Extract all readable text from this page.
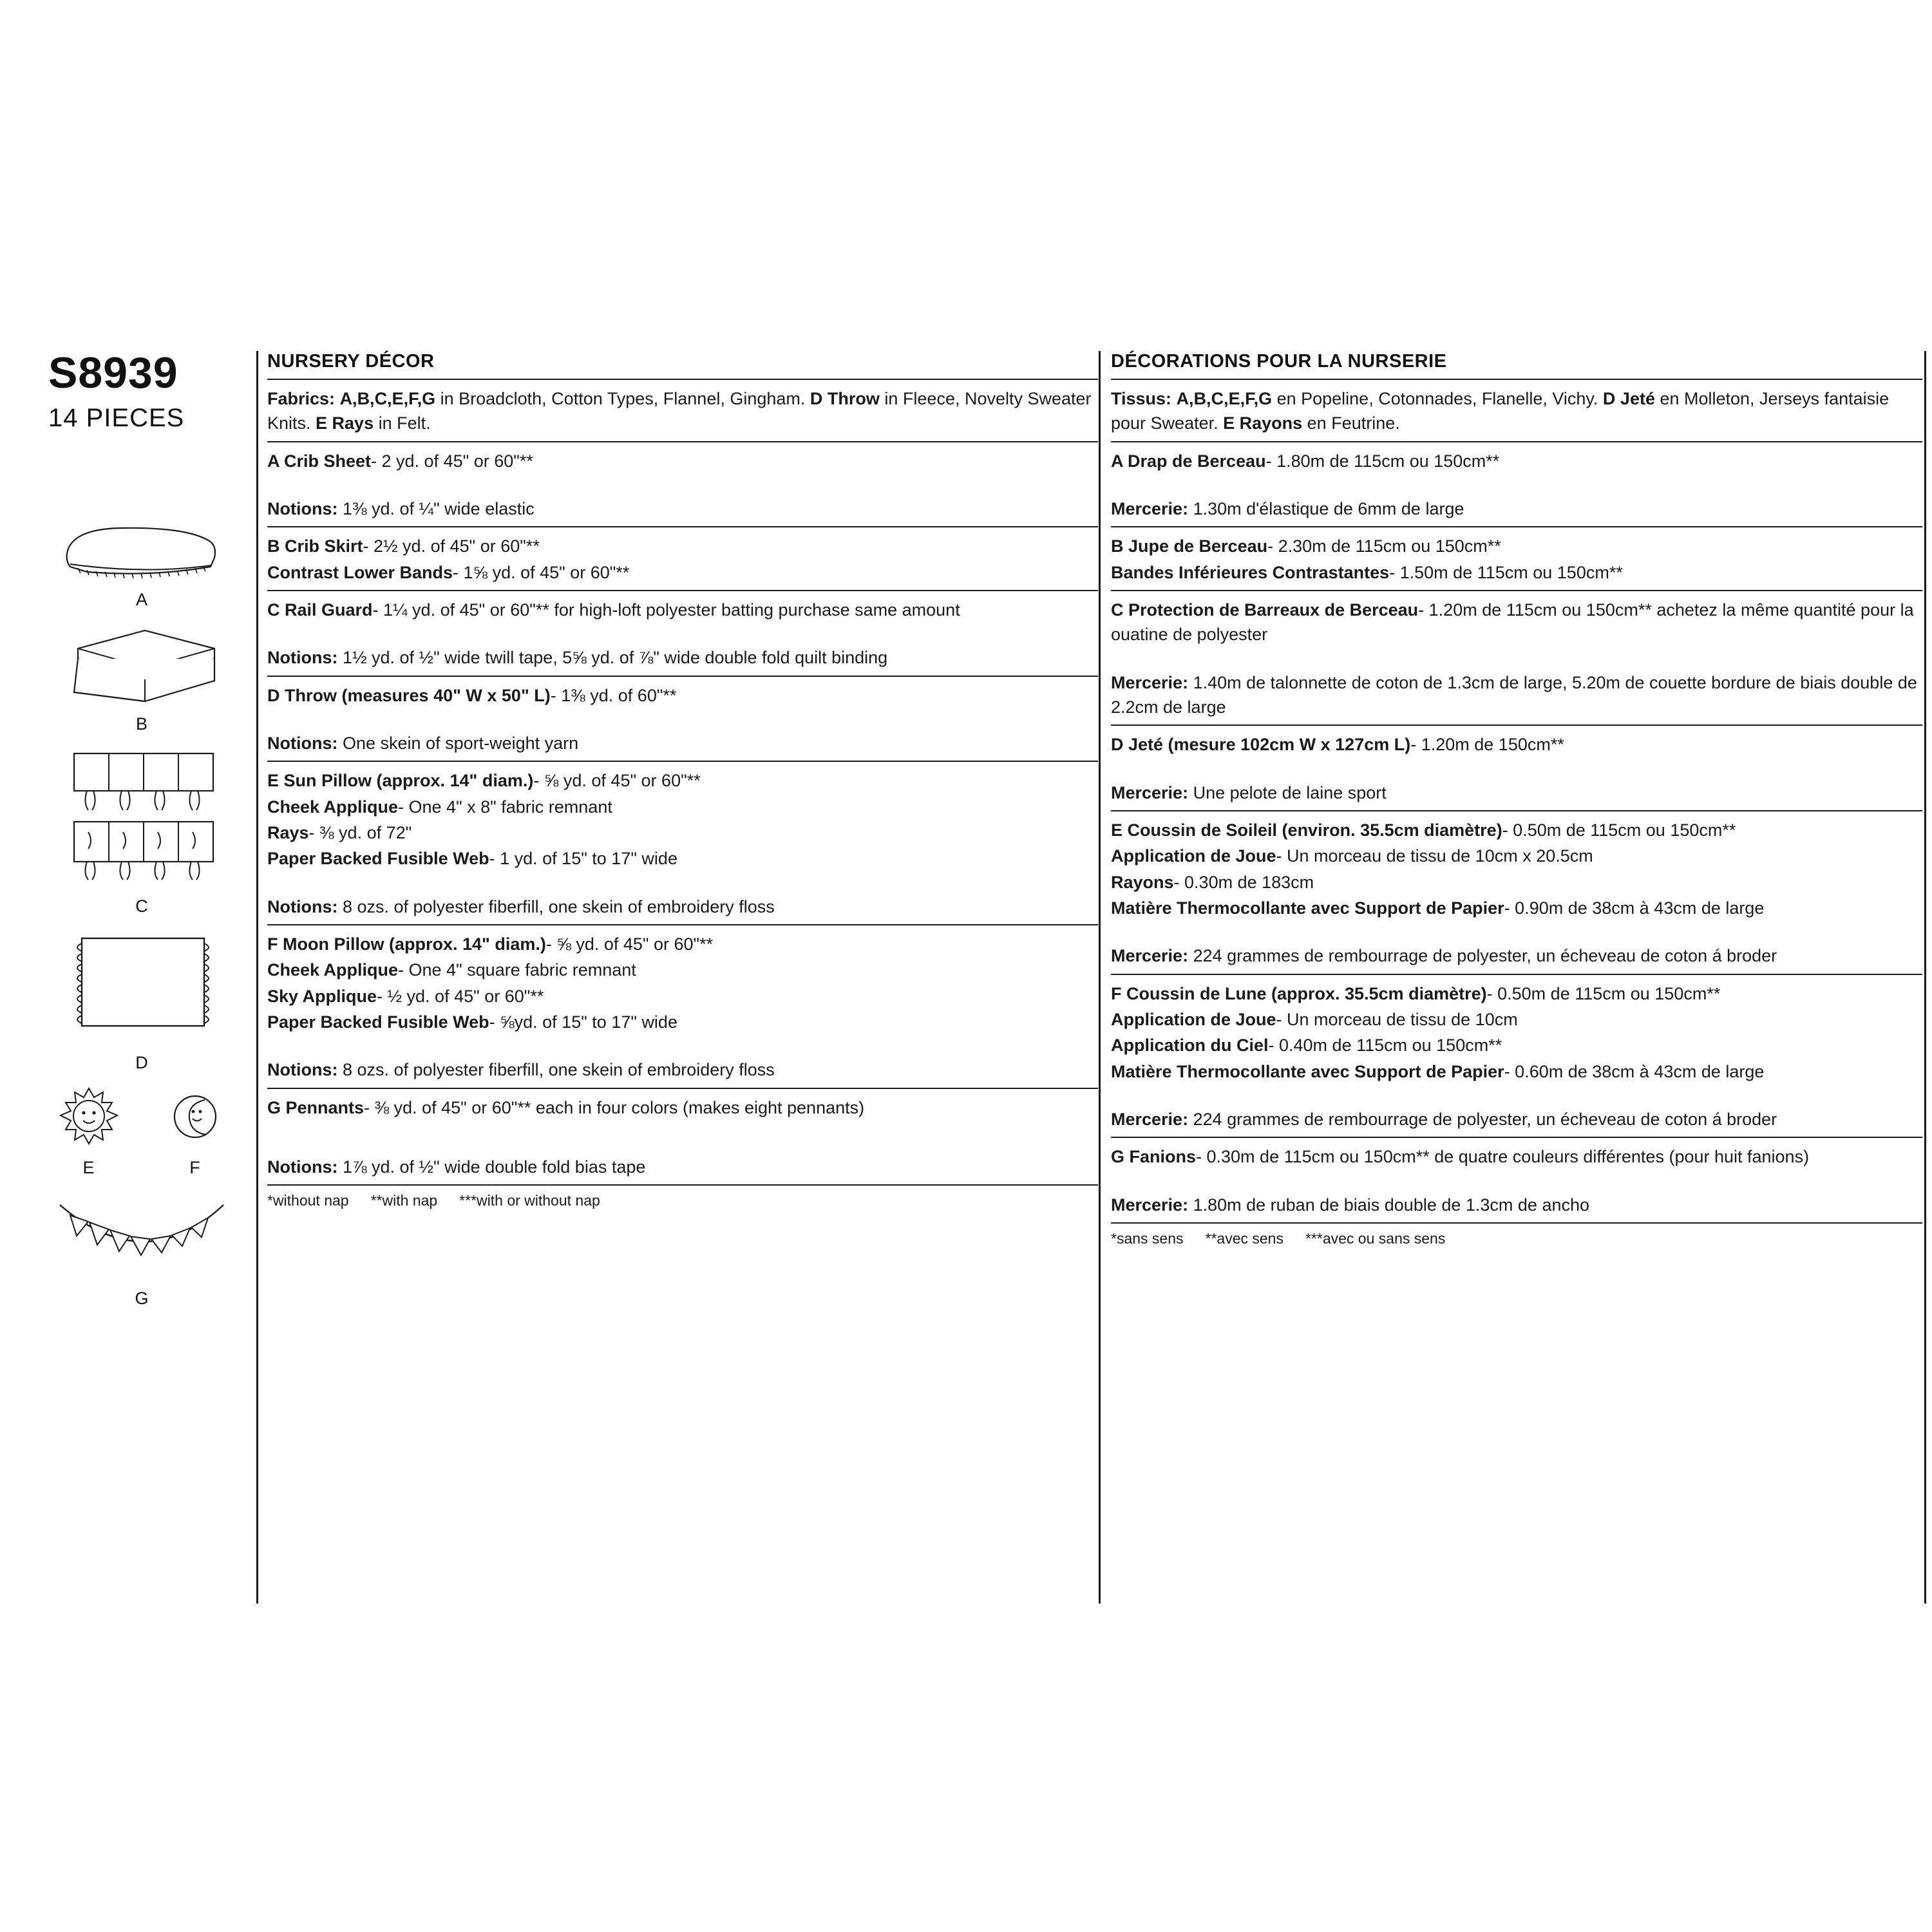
S8939
14 PIECES
A
B
C
D
E	F
G
NURSERY DÉCOR

Fabrics: A,B,C,E,F,G in Broadcloth, Cotton Types, Flannel, Gingham. D Throw in Fleece, Novelty Sweater Knits. E Rays in Felt.

A Crib Sheet- 2 yd. of 45" or 60"**

Notions: 1⅜ yd. of ¼" wide elastic

B Crib Skirt- 2½ yd. of 45" or 60"**

Contrast Lower Bands- 1⅝ yd. of 45" or 60"**

C Rail Guard- 1¼ yd. of 45" or 60"** for high-loft polyester batting purchase same amount

Notions: 1½ yd. of ½" wide twill tape, 5⅝ yd. of ⅞" wide double fold quilt binding

D Throw (measures 40" W x 50" L)- 1⅜ yd. of 60"**

Notions: One skein of sport-weight yarn

E Sun Pillow (approx. 14" diam.)- ⅝ yd. of 45" or 60"**

Cheek Applique- One 4" x 8" fabric remnant

Rays- ⅜ yd. of 72"

Paper Backed Fusible Web- 1 yd. of 15" to 17" wide

Notions: 8 ozs. of polyester fiberfill, one skein of embroidery floss

F Moon Pillow (approx. 14" diam.)- ⅝ yd. of 45" or 60"**

Cheek Applique- One 4" square fabric remnant

Sky Applique- ½ yd. of 45" or 60"**

Paper Backed Fusible Web- ⅝yd. of 15" to 17" wide

Notions: 8 ozs. of polyester fiberfill, one skein of embroidery floss

G Pennants- ⅜ yd. of 45" or 60"** each in four colors (makes eight pennants)

Notions: 1⅞ yd. of ½" wide double fold bias tape

*without nap **with nap ***with or without nap
DÉCORATIONS POUR LA NURSERIE

Tissus: A,B,C,E,F,G en Popeline, Cotonnades, Flanelle, Vichy. D Jeté en Molleton, Jerseys fantaisie pour Sweater. E Rayons en Feutrine.

A Drap de Berceau- 1.80m de 115cm ou 150cm**

Mercerie: 1.30m d'élastique de 6mm de large

B Jupe de Berceau- 2.30m de 115cm ou 150cm**

Bandes Inférieures Contrastantes- 1.50m de 115cm ou 150cm**

C Protection de Barreaux de Berceau- 1.20m de 115cm ou 150cm** achetez la même quantité pour la ouatine de polyester

Mercerie: 1.40m de talonnette de coton de 1.3cm de large, 5.20m de couette bordure de biais double de 2.2cm de large

D Jeté (mesure 102cm W x 127cm L)- 1.20m de 150cm**

Mercerie: Une pelote de laine sport

E Coussin de Soileil (environ. 35.5cm diamètre)- 0.50m de 115cm ou 150cm**

Application de Joue- Un morceau de tissu de 10cm x 20.5cm

Rayons- 0.30m de 183cm

Matière Thermocollante avec Support de Papier- 0.90m de 38cm à 43cm de large

Mercerie: 224 grammes de rembourrage de polyester, un écheveau de coton á broder

F Coussin de Lune (approx. 35.5cm diamètre)- 0.50m de 115cm ou 150cm**

Application de Joue- Un morceau de tissu de 10cm

Application du Ciel- 0.40m de 115cm ou 150cm**

Matière Thermocollante avec Support de Papier- 0.60m de 38cm à 43cm de large

Mercerie: 224 grammes de rembourrage de polyester, un écheveau de coton á broder

G Fanions- 0.30m de 115cm ou 150cm** de quatre couleurs différentes (pour huit fanions)

Mercerie: 1.80m de ruban de biais double de 1.3cm de ancho

*sans sens **avec sens ***avec ou sans sens
